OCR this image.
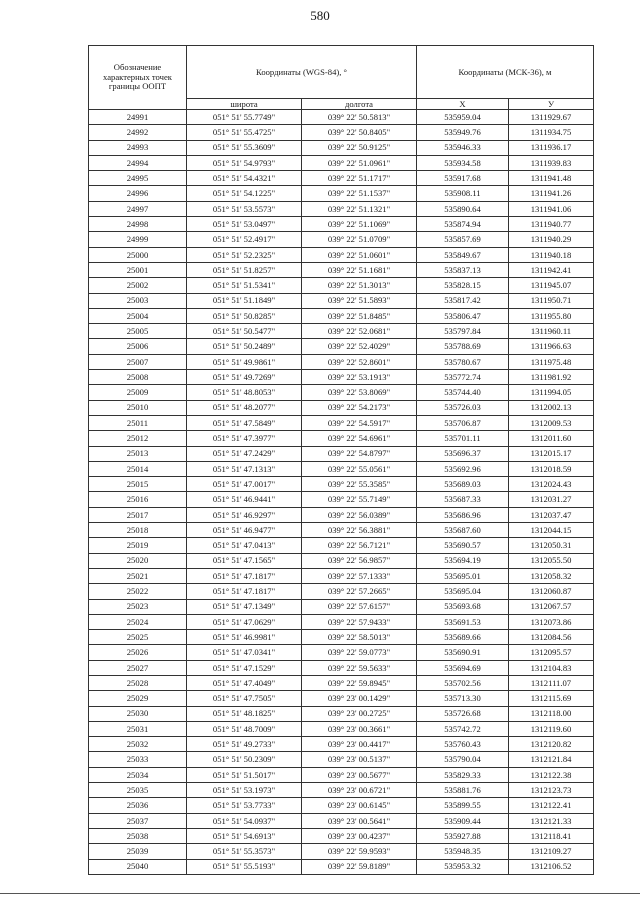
580
Обозначение характерных точек границы ООПТ	Координаты (WGS-84), °		Координаты (МСК-36), м	
	широта	долгота	X	У
24991	051° 51' 55.7749"	039° 22' 50.5813"	535959.04	1311929.67
24992	051° 51' 55.4725"	039° 22' 50.8405"	535949.76	1311934.75
24993	051° 51' 55.3609"	039° 22' 50.9125"	535946.33	1311936.17
24994	051° 51' 54.9793"	039° 22' 51.0961"	535934.58	1311939.83
24995	051° 51' 54.4321"	039° 22' 51.1717"	535917.68	1311941.48
24996	051° 51' 54.1225"	039° 22' 51.1537"	535908.11	1311941.26
24997	051° 51' 53.5573"	039° 22' 51.1321"	535890.64	1311941.06
24998	051° 51' 53.0497"	039° 22' 51.1069"	535874.94	1311940.77
24999	051° 51' 52.4917"	039° 22' 51.0709"	535857.69	1311940.29
25000	051° 51' 52.2325"	039° 22' 51.0601"	535849.67	1311940.18
25001	051° 51' 51.8257"	039° 22' 51.1681"	535837.13	1311942.41
25002	051° 51' 51.5341"	039° 22' 51.3013"	535828.15	1311945.07
25003	051° 51' 51.1849"	039° 22' 51.5893"	535817.42	1311950.71
25004	051° 51' 50.8285"	039° 22' 51.8485"	535806.47	1311955.80
25005	051° 51' 50.5477"	039° 22' 52.0681"	535797.84	1311960.11
25006	051° 51' 50.2489"	039° 22' 52.4029"	535788.69	1311966.63
25007	051° 51' 49.9861"	039° 22' 52.8601"	535780.67	1311975.48
25008	051° 51' 49.7269"	039° 22' 53.1913"	535772.74	1311981.92
25009	051° 51' 48.8053"	039° 22' 53.8069"	535744.40	1311994.05
25010	051° 51' 48.2077"	039° 22' 54.2173"	535726.03	1312002.13
25011	051° 51' 47.5849"	039° 22' 54.5917"	535706.87	1312009.53
25012	051° 51' 47.3977"	039° 22' 54.6961"	535701.11	1312011.60
25013	051° 51' 47.2429"	039° 22' 54.8797"	535696.37	1312015.17
25014	051° 51' 47.1313"	039° 22' 55.0561"	535692.96	1312018.59
25015	051° 51' 47.0017"	039° 22' 55.3585"	535689.03	1312024.43
25016	051° 51' 46.9441"	039° 22' 55.7149"	535687.33	1312031.27
25017	051° 51' 46.9297"	039° 22' 56.0389"	535686.96	1312037.47
25018	051° 51' 46.9477"	039° 22' 56.3881"	535687.60	1312044.15
25019	051° 51' 47.0413"	039° 22' 56.7121"	535690.57	1312050.31
25020	051° 51' 47.1565"	039° 22' 56.9857"	535694.19	1312055.50
25021	051° 51' 47.1817"	039° 22' 57.1333"	535695.01	1312058.32
25022	051° 51' 47.1817"	039° 22' 57.2665"	535695.04	1312060.87
25023	051° 51' 47.1349"	039° 22' 57.6157"	535693.68	1312067.57
25024	051° 51' 47.0629"	039° 22' 57.9433"	535691.53	1312073.86
25025	051° 51' 46.9981"	039° 22' 58.5013"	535689.66	1312084.56
25026	051° 51' 47.0341"	039° 22' 59.0773"	535690.91	1312095.57
25027	051° 51' 47.1529"	039° 22' 59.5633"	535694.69	1312104.83
25028	051° 51' 47.4049"	039° 22' 59.8945"	535702.56	1312111.07
25029	051° 51' 47.7505"	039° 23' 00.1429"	535713.30	1312115.69
25030	051° 51' 48.1825"	039° 23' 00.2725"	535726.68	1312118.00
25031	051° 51' 48.7009"	039° 23' 00.3661"	535742.72	1312119.60
25032	051° 51' 49.2733"	039° 23' 00.4417"	535760.43	1312120.82
25033	051° 51' 50.2309"	039° 23' 00.5137"	535790.04	1312121.84
25034	051° 51' 51.5017"	039° 23' 00.5677"	535829.33	1312122.38
25035	051° 51' 53.1973"	039° 23' 00.6721"	535881.76	1312123.73
25036	051° 51' 53.7733"	039° 23' 00.6145"	535899.55	1312122.41
25037	051° 51' 54.0937"	039° 23' 00.5641"	535909.44	1312121.33
25038	051° 51' 54.6913"	039° 23' 00.4237"	535927.88	1312118.41
25039	051° 51' 55.3573"	039° 22' 59.9593"	535948.35	1312109.27
25040	051° 51' 55.5193"	039° 22' 59.8189"	535953.32	1312106.52
